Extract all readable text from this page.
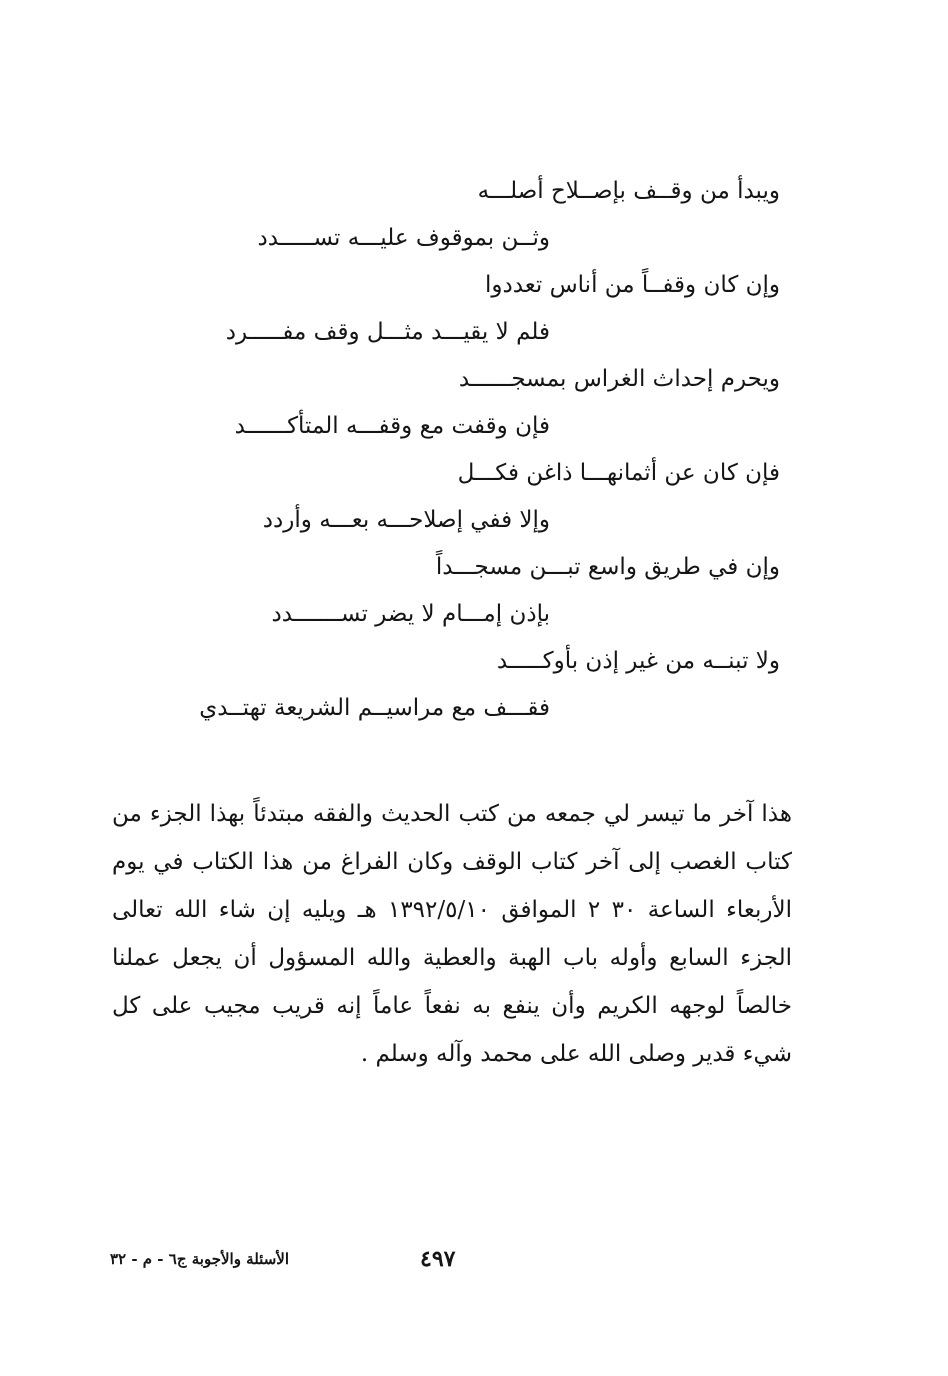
ويبدأ من وقــف بإصــلاح أصلـــه
وثــن بموقوف عليـــه تســـــدد
وإن كان وقفــاً من أناس تعددوا
فلم لا يقيـــد مثـــل وقف مفـــــرد
ويحرم إحداث الغراس بمسجــــــد
فإن وقفت مع وقفـــه المتأكــــــد
فإن كان عن أثمانهـــا ذاغن فكـــل
وإلا ففي إصلاحـــه بعـــه وأردد
وإن في طريق واسع تبـــن مسجـــداً
بإذن إمـــام لا يضر تســـــــدد
ولا تبنــه من غير إذن بأوكـــــد
فقـــف مع مراسيــم الشريعة تهتــدي
هذا آخر ما تيسر لي جمعه من كتب الحديث والفقه مبتدئاً بهذا الجزء من كتاب الغصب إلى آخر كتاب الوقف وكان الفراغ من هذا الكتاب في يوم الأربعاء الساعة ٣٠ ٢ الموافق ١٣٩٢/٥/١٠ هـ ويليه إن شاء الله تعالى الجزء السابع وأوله باب الهبة والعطية والله المسؤول أن يجعل عملنا خالصاً لوجهه الكريم وأن ينفع به نفعاً عاماً إنه قريب مجيب على كل شيء قدير وصلى الله على محمد وآله وسلم .
٤٩٧
الأسئلة والأجوبة ج٦ - م - ٣٢
